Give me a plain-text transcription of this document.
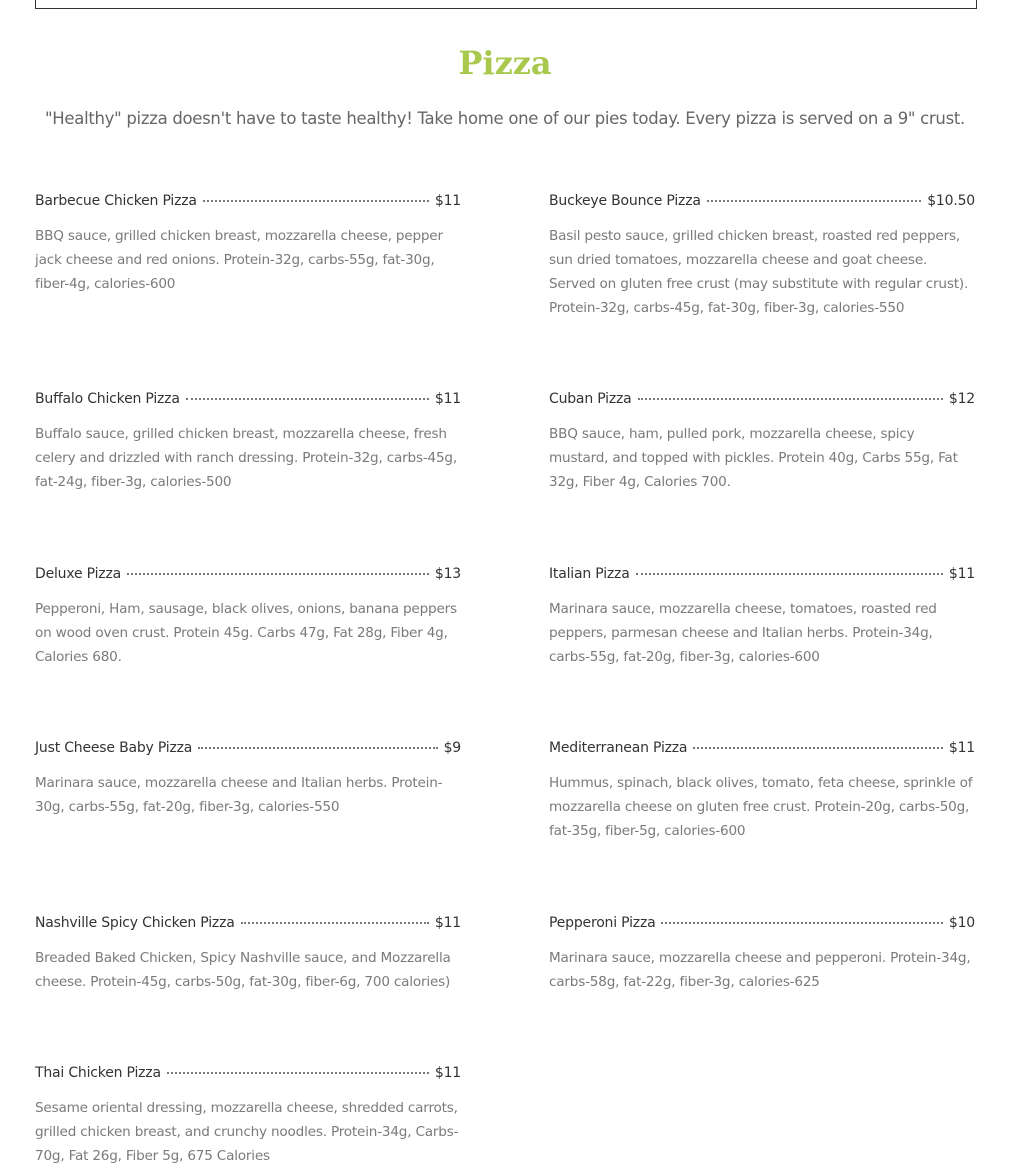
Pizza

"Healthy" pizza doesn't have to taste healthy! Take home one of our pies today. Every pizza is served on a 9" crust.

Barbecue Chicken Pizza	$11
BBQ sauce, grilled chicken breast, mozzarella cheese, pepper jack cheese and red onions. Protein-32g, carbs-55g, fat-30g, fiber-4g, calories-600
Buckeye Bounce Pizza	$10.50
Basil pesto sauce, grilled chicken breast, roasted red peppers, sun dried tomatoes, mozzarella cheese and goat cheese. Served on gluten free crust (may substitute with regular crust). Protein-32g, carbs-45g, fat-30g, fiber-3g, calories-550
Buffalo Chicken Pizza	$11
Buffalo sauce, grilled chicken breast, mozzarella cheese, fresh celery and drizzled with ranch dressing. Protein-32g, carbs-45g, fat-24g, fiber-3g, calories-500
Cuban Pizza	$12
BBQ sauce, ham, pulled pork, mozzarella cheese, spicy mustard, and topped with pickles. Protein 40g, Carbs 55g, Fat 32g, Fiber 4g, Calories 700.
Deluxe Pizza	$13
Pepperoni, Ham, sausage, black olives, onions, banana peppers on wood oven crust. Protein 45g. Carbs 47g, Fat 28g, Fiber 4g, Calories 680.
Italian Pizza	$11
Marinara sauce, mozzarella cheese, tomatoes, roasted red peppers, parmesan cheese and Italian herbs. Protein-34g, carbs-55g, fat-20g, fiber-3g, calories-600
Just Cheese Baby Pizza	$9
Marinara sauce, mozzarella cheese and Italian herbs. Protein-30g, carbs-55g, fat-20g, fiber-3g, calories-550
Mediterranean Pizza	$11
Hummus, spinach, black olives, tomato, feta cheese, sprinkle of mozzarella cheese on gluten free crust. Protein-20g, carbs-50g, fat-35g, fiber-5g, calories-600
Nashville Spicy Chicken Pizza	$11
Breaded Baked Chicken, Spicy Nashville sauce, and Mozzarella cheese. Protein-45g, carbs-50g, fat-30g, fiber-6g, 700 calories)
Pepperoni Pizza	$10
Marinara sauce, mozzarella cheese and pepperoni. Protein-34g, carbs-58g, fat-22g, fiber-3g, calories-625
Thai Chicken Pizza	$11
Sesame oriental dressing, mozzarella cheese, shredded carrots, grilled chicken breast, and crunchy noodles. Protein-34g, Carbs-70g, Fat 26g, Fiber 5g, 675 Calories
